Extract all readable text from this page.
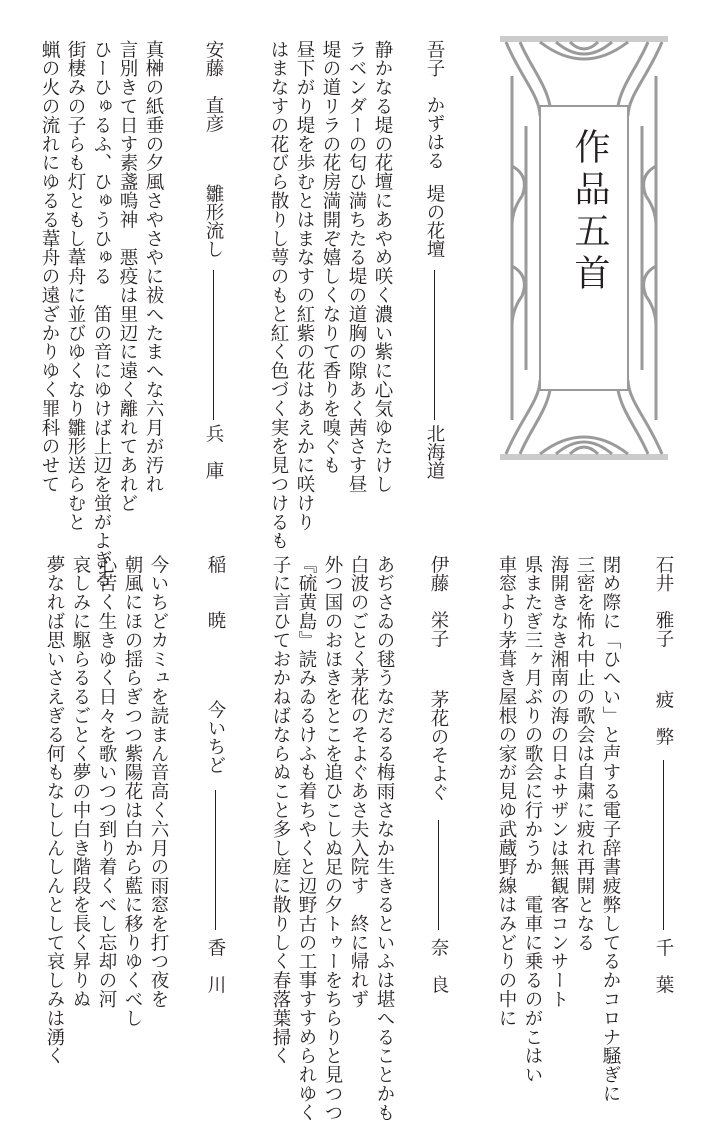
作品五首
吾子　かずはる
堤の花壇
北海道
静かなる堤の花壇にあやめ咲く濃い紫に心気ゆたけし
ラベンダーの匂ひ満ちたる堤の道胸の隙あく茜さす昼
堤の道リラの花房満開ぞ嬉しくなりて香りを嗅ぐも
昼下がり堤を歩むとはまなすの紅紫の花はあえかに咲けり
はまなすの花びら散りし萼のもと紅く色づく実を見つけるも
安藤　直彦
雛形流し
兵　庫
真榊の紙垂の夕風さやさやに祓へたまへな六月が汚れ
言別きて日す素盞嗚神　悪疫は里辺に遠く離れてあれど
ひーひゅるふ、ひゅうひゅる　笛の音にゆけば上辺を蛍がよぎる
街棲みの子らも灯ともし葦舟に並びゆくなり雛形送らむと
蝋の火の流れにゆるる葦舟の遠ざかりゆく罪科のせて
石井　雅子
疲　弊
千　葉
閉め際に「ひへい」と声する電子辞書疲弊してるかコロナ騒ぎに
三密を怖れ中止の歌会は自粛に疲れ再開となる
海開きなき湘南の海の日よサザンは無観客コンサート
県またぎ三ヶ月ぶりの歌会に行かうか　電車に乗るのがこはい
車窓より茅葺き屋根の家が見ゆ武蔵野線はみどりの中に
伊藤　栄子
茅花のそよぐ
奈　良
あぢさゐの毬うなだるる梅雨さなか生きるといふは堪へることかも
白波のごとく茅花のそよぐあさ夫入院す　終に帰れず
外つ国のおほきをとこを追ひこしぬ足の夕トゥーをちらりと見つつ
『硫黄島』読みゐるけふも着ちやくと辺野古の工事すすめられゆく
子に言ひておかねばならぬこと多し庭に散りしく春落葉掃く
稲　　暁
今いちど
香　川
今いちどカミュを読まん音高く六月の雨窓を打つ夜を
朝風にほの揺らぎつつ紫陽花は白から藍に移りゆくべし
心苦く生きゆく日々を歌いつつ到り着くべし忘却の河
哀しみに駆らるるごとく夢の中白き階段を長く昇りぬ
夢なれば思いさえぎる何もなししんしんとして哀しみは湧く
